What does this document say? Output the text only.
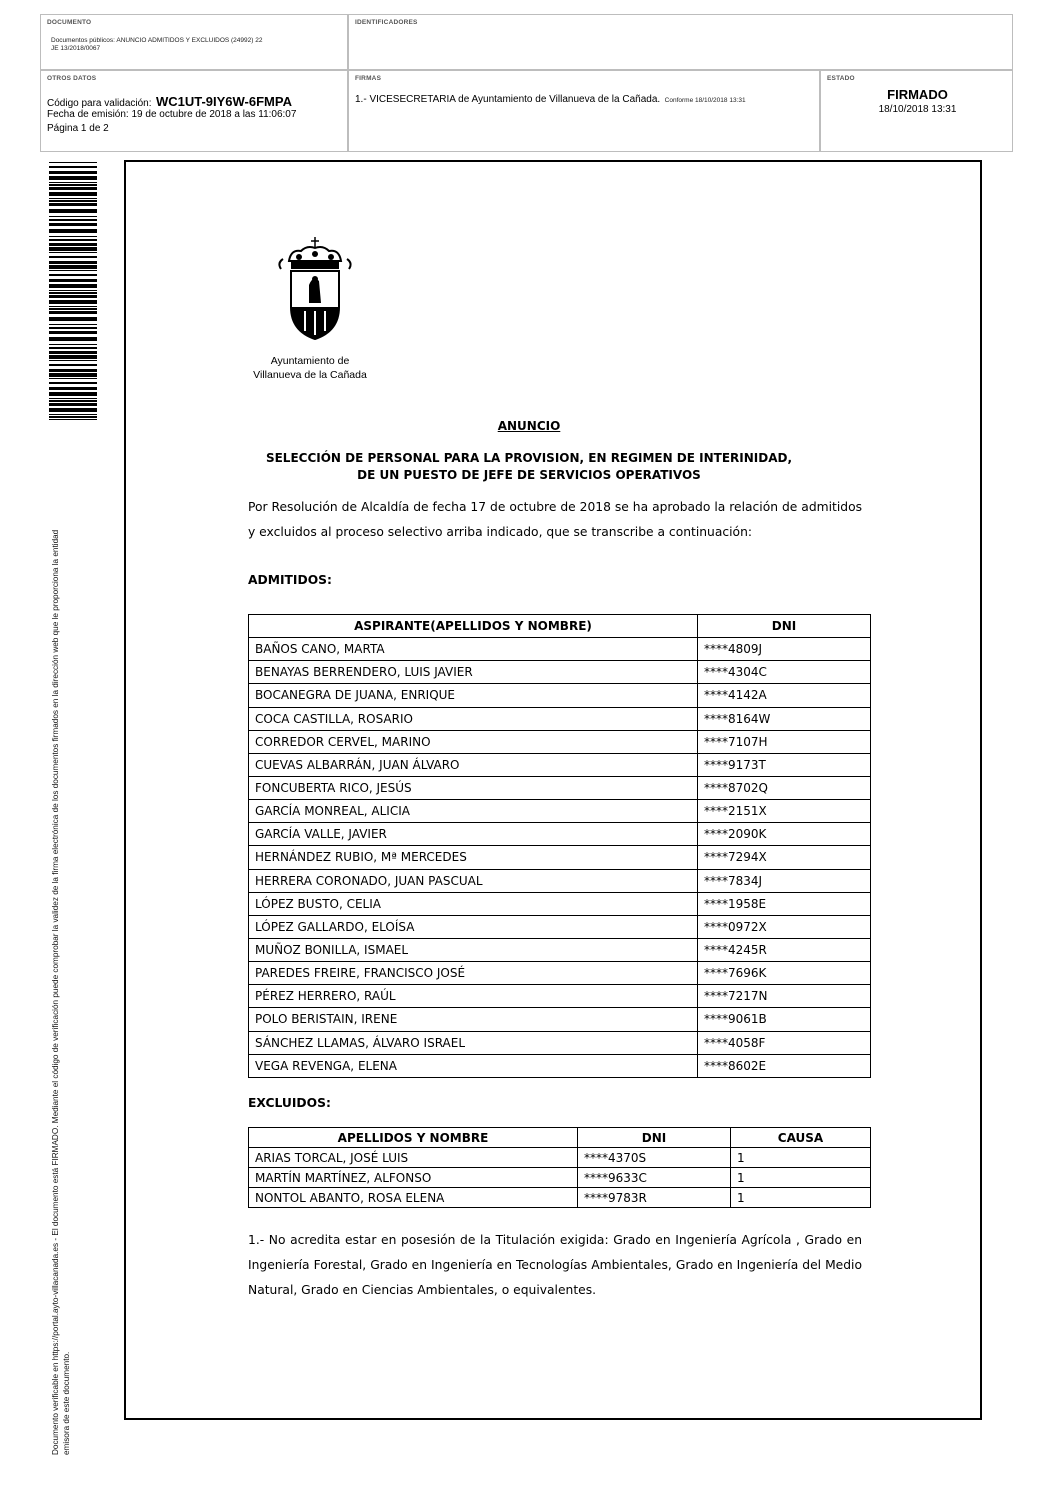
DOCUMENTO
Documentos públicos: ANUNCIO ADMITIDOS Y EXCLUIDOS (24992) 22
JE 13/2018/0067
IDENTIFICADORES
OTROS DATOS
Código para validación: WC1UT-9IY6W-6FMPA
Fecha de emisión: 19 de octubre de 2018 a las 11:06:07
Página 1 de 2
FIRMAS
1.- VICESECRETARIA de Ayuntamiento de Villanueva de la Cañada. Conforme 18/10/2018 13:31
ESTADO
FIRMADO
18/10/2018 13:31
Documento verificable en https://portal.ayto-villacanada.es - El documento está FIRMADO. Mediante el código de verificación puede comprobar la validez de la firma electrónica de los documentos firmados en la dirección web que le proporciona la entidad emisora de este documento.
Ayuntamiento de
Villanueva de la Cañada
ANUNCIO
SELECCIÓN DE PERSONAL PARA LA PROVISION, EN REGIMEN DE INTERINIDAD,
DE UN PUESTO DE JEFE DE SERVICIOS OPERATIVOS
Por Resolución de Alcaldía de fecha 17 de octubre de 2018 se ha aprobado la relación de admitidos y excluidos al proceso selectivo arriba indicado, que se transcribe a continuación:
ADMITIDOS:
ASPIRANTE(APELLIDOS Y NOMBRE)	DNI
BAÑOS CANO, MARTA	****4809J
BENAYAS BERRENDERO, LUIS JAVIER	****4304C
BOCANEGRA DE JUANA, ENRIQUE	****4142A
COCA CASTILLA, ROSARIO	****8164W
CORREDOR CERVEL, MARINO	****7107H
CUEVAS ALBARRÁN, JUAN ÁLVARO	****9173T
FONCUBERTA RICO, JESÚS	****8702Q
GARCÍA MONREAL, ALICIA	****2151X
GARCÍA VALLE, JAVIER	****2090K
HERNÁNDEZ RUBIO, Mª MERCEDES	****7294X
HERRERA CORONADO, JUAN PASCUAL	****7834J
LÓPEZ BUSTO, CELIA	****1958E
LÓPEZ GALLARDO, ELOÍSA	****0972X
MUÑOZ BONILLA, ISMAEL	****4245R
PAREDES FREIRE, FRANCISCO JOSÉ	****7696K
PÉREZ HERRERO, RAÚL	****7217N
POLO BERISTAIN, IRENE	****9061B
SÁNCHEZ LLAMAS, ÁLVARO ISRAEL	****4058F
VEGA REVENGA, ELENA	****8602E
EXCLUIDOS:
APELLIDOS Y NOMBRE	DNI	CAUSA
ARIAS TORCAL, JOSÉ LUIS	****4370S	1
MARTÍN MARTÍNEZ, ALFONSO	****9633C	1
NONTOL ABANTO, ROSA ELENA	****9783R	1
1.- No acredita estar en posesión de la Titulación exigida: Grado en Ingeniería Agrícola , Grado en Ingeniería Forestal, Grado en Ingeniería en Tecnologías Ambientales, Grado en Ingeniería del Medio Natural, Grado en Ciencias Ambientales, o equivalentes.
